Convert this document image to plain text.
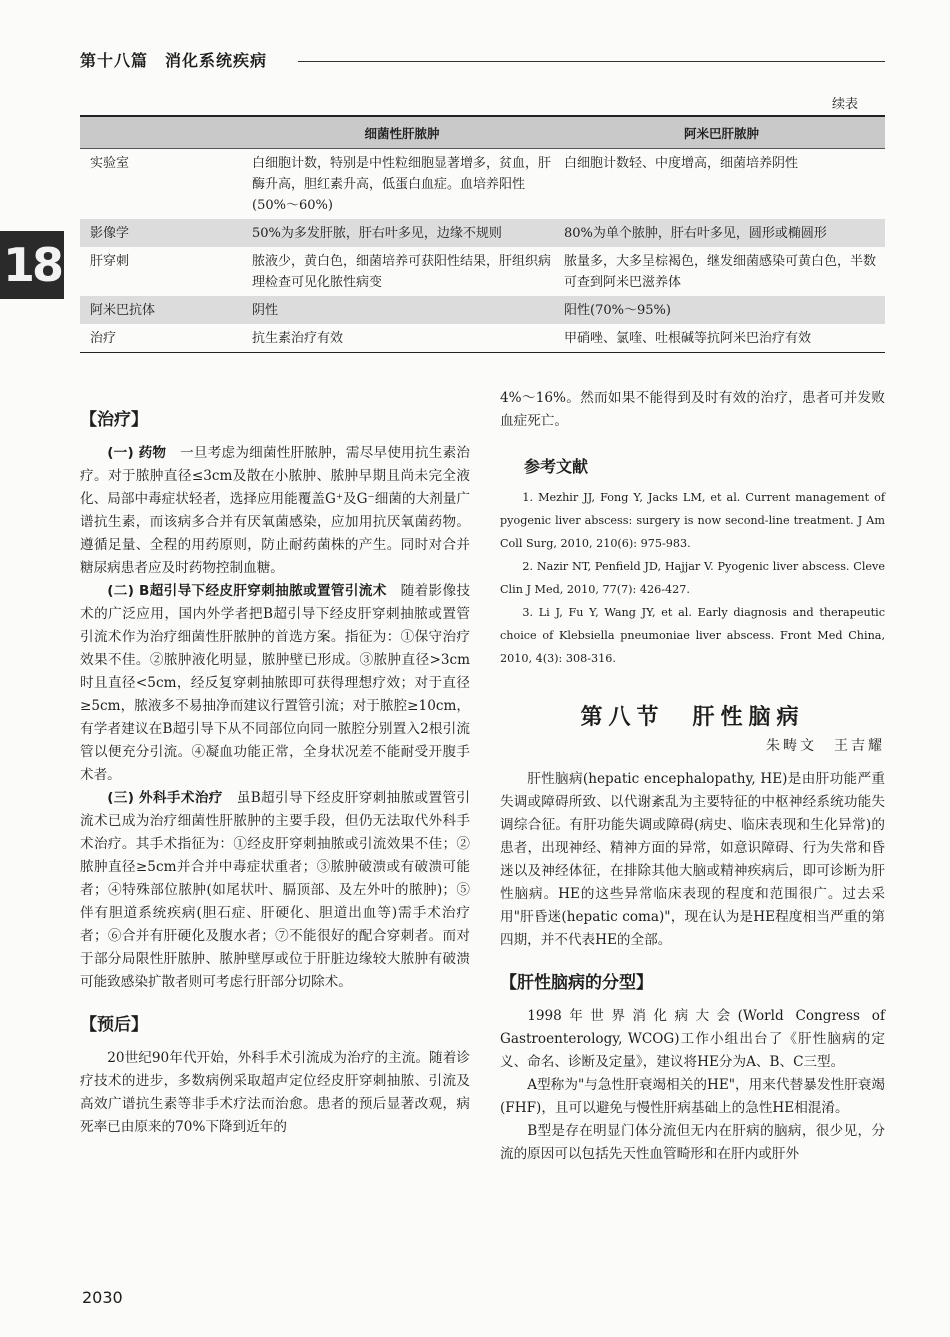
第十八篇　消化系统疾病
续表
	细菌性肝脓肿	阿米巴肝脓肿
实验室	白细胞计数，特别是中性粒细胞显著增多，贫血，肝酶升高，胆红素升高，低蛋白血症。血培养阳性(50%～60%)	白细胞计数轻、中度增高，细菌培养阴性
影像学	50%为多发肝脓，肝右叶多见，边缘不规则	80%为单个脓肿，肝右叶多见，圆形或椭圆形
肝穿刺	脓液少，黄白色，细菌培养可获阳性结果，肝组织病理检查可见化脓性病变	脓量多，大多呈棕褐色，继发细菌感染可黄白色，半数可查到阿米巴滋养体
阿米巴抗体	阴性	阳性(70%～95%)
治疗	抗生素治疗有效	甲硝唑、氯喹、吐根碱等抗阿米巴治疗有效
18
【治疗】

(一) 药物　 一旦考虑为细菌性肝脓肿，需尽早使用抗生素治疗。对于脓肿直径≤3cm及散在小脓肿、脓肿早期且尚未完全液化、局部中毒症状轻者，选择应用能覆盖G⁺及G⁻细菌的大剂量广谱抗生素，而该病多合并有厌氧菌感染，应加用抗厌氧菌药物。遵循足量、全程的用药原则，防止耐药菌株的产生。同时对合并糖尿病患者应及时药物控制血糖。

(二) B超引导下经皮肝穿刺抽脓或置管引流术　 随着影像技术的广泛应用，国内外学者把B超引导下经皮肝穿刺抽脓或置管引流术作为治疗细菌性肝脓肿的首选方案。指征为：①保守治疗效果不佳。②脓肿液化明显，脓肿壁已形成。③脓肿直径>3cm时且直径<5cm，经反复穿刺抽脓即可获得理想疗效；对于直径≥5cm，脓液多不易抽净而建议行置管引流；对于脓腔≥10cm，有学者建议在B超引导下从不同部位向同一脓腔分别置入2根引流管以便充分引流。④凝血功能正常，全身状况差不能耐受开腹手术者。

(三) 外科手术治疗　 虽B超引导下经皮肝穿刺抽脓或置管引流术已成为治疗细菌性肝脓肿的主要手段，但仍无法取代外科手术治疗。其手术指征为：①经皮肝穿刺抽脓或引流效果不佳；②脓肿直径≥5cm并合并中毒症状重者；③脓肿破溃或有破溃可能者；④特殊部位脓肿(如尾状叶、膈顶部、及左外叶的脓肿)；⑤伴有胆道系统疾病(胆石症、肝硬化、胆道出血等)需手术治疗者；⑥合并有肝硬化及腹水者；⑦不能很好的配合穿刺者。而对于部分局限性肝脓肿、脓肿壁厚或位于肝脏边缘较大脓肿有破溃可能致感染扩散者则可考虑行肝部分切除术。

【预后】

20世纪90年代开始，外科手术引流成为治疗的主流。随着诊疗技术的进步，多数病例采取超声定位经皮肝穿刺抽脓、引流及高效广谱抗生素等非手术疗法而治愈。患者的预后显著改观，病死率已由原来的70%下降到近年的

4%～16%。然而如果不能得到及时有效的治疗，患者可并发败血症死亡。

参考文献

1. Mezhir JJ, Fong Y, Jacks LM, et al. Current management of pyogenic liver abscess: surgery is now second-line treatment. J Am Coll Surg, 2010, 210(6): 975-983.

2. Nazir NT, Penfield JD, Hajjar V. Pyogenic liver abscess. Cleve Clin J Med, 2010, 77(7): 426-427.

3. Li J, Fu Y, Wang JY, et al. Early diagnosis and therapeutic choice of Klebsiella pneumoniae liver abscess. Front Med China, 2010, 4(3): 308-316.

第八节　肝性脑病
朱畴文　王吉耀

肝性脑病(hepatic encephalopathy, HE)是由肝功能严重失调或障碍所致、以代谢紊乱为主要特征的中枢神经系统功能失调综合征。有肝功能失调或障碍(病史、临床表现和生化异常)的患者，出现神经、精神方面的异常，如意识障碍、行为失常和昏迷以及神经体征，在排除其他大脑或精神疾病后，即可诊断为肝性脑病。HE的这些异常临床表现的程度和范围很广。过去采用"肝昏迷(hepatic coma)"，现在认为是HE程度相当严重的第四期，并不代表HE的全部。

【肝性脑病的分型】

1998年世界消化病大会(World Congress of Gastroenterology, WCOG)工作小组出台了《肝性脑病的定义、命名、诊断及定量》，建议将HE分为A、B、C三型。

A型称为"与急性肝衰竭相关的HE"，用来代替暴发性肝衰竭(FHF)，且可以避免与慢性肝病基础上的急性HE相混淆。

B型是存在明显门体分流但无内在肝病的脑病，很少见，分流的原因可以包括先天性血管畸形和在肝内或肝外

2030
